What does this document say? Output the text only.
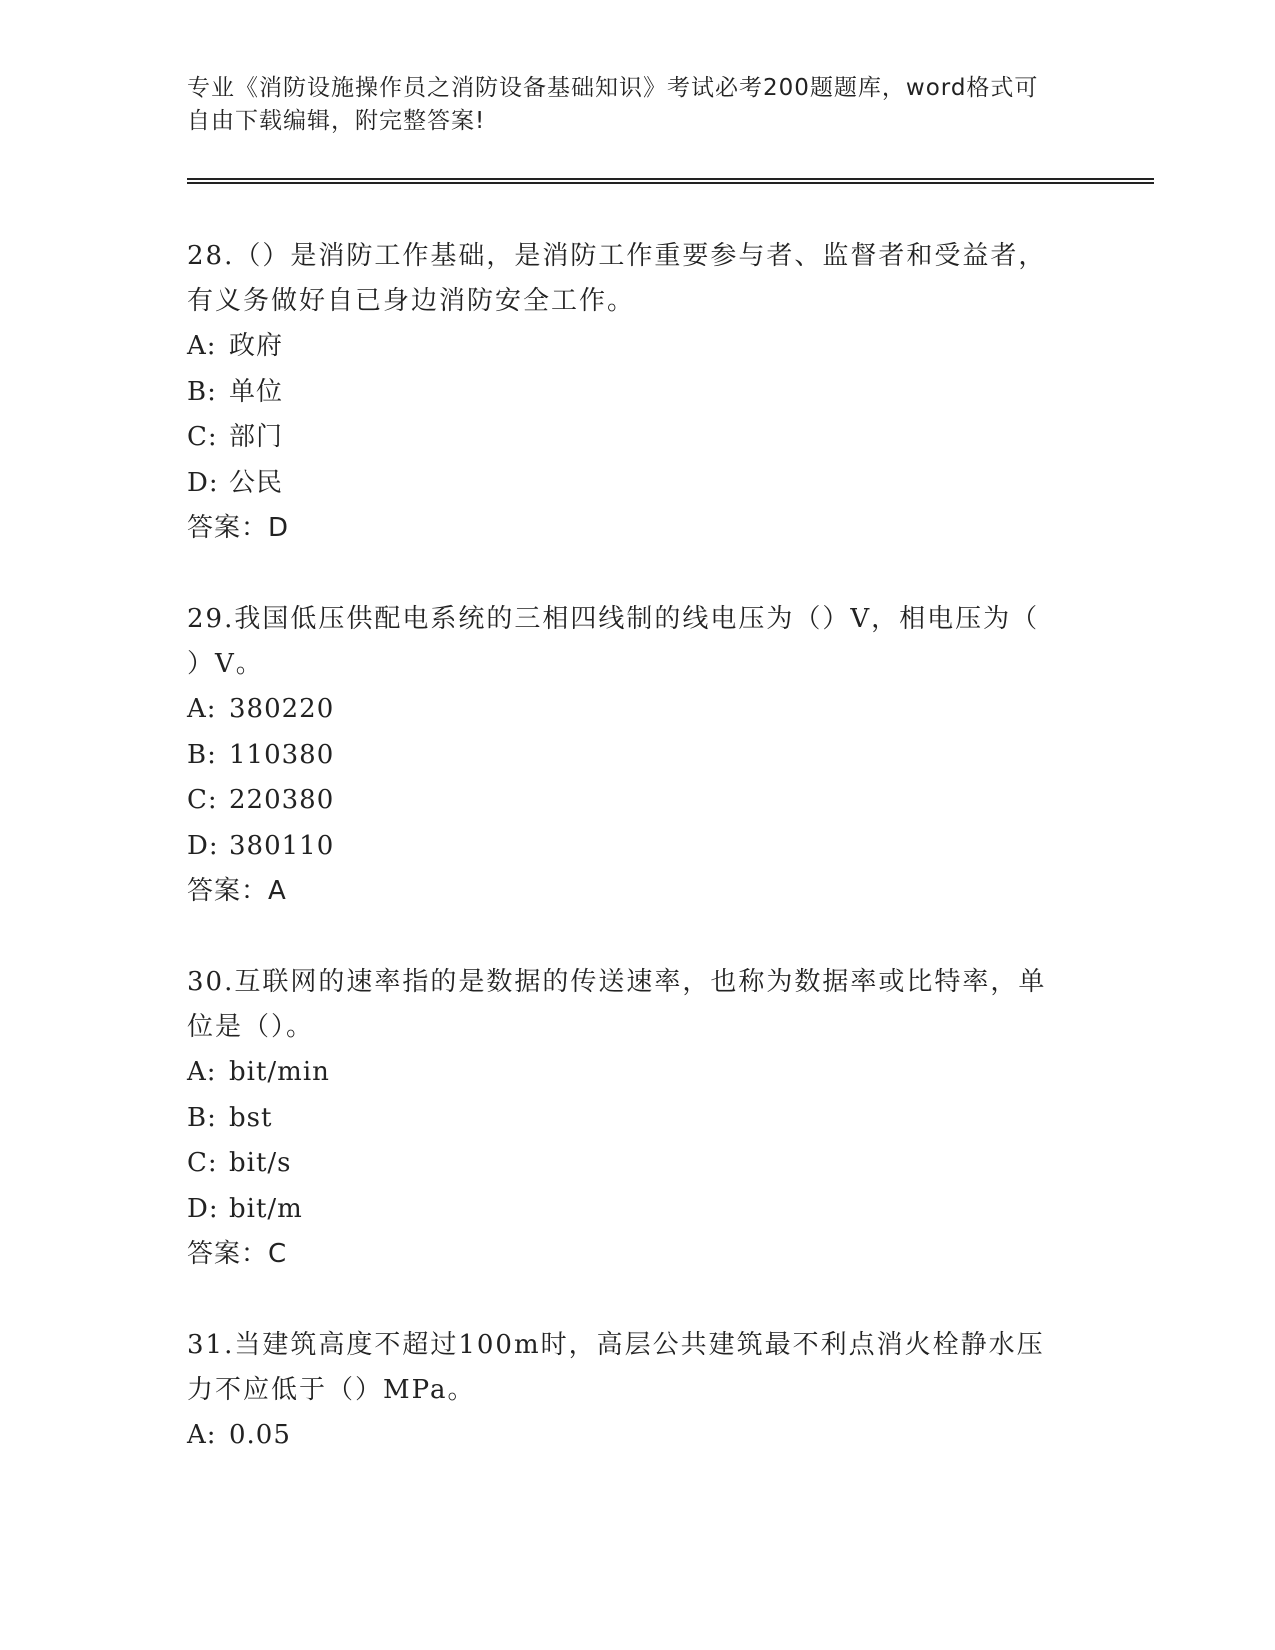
专业《消防设施操作员之消防设备基础知识》考试必考200题题库，word格式可
自由下载编辑，附完整答案!

28.（）是消防工作基础，是消防工作重要参与者、监督者和受益者，
有义务做好自已身边消防安全工作。

A: 政府
B: 单位
C: 部门
D: 公民
答案：D

29.我国低压供配电系统的三相四线制的线电压为（）V，相电压为（
）V。

A: 380220
B: 110380
C: 220380
D: 380110
答案：A

30.互联网的速率指的是数据的传送速率，也称为数据率或比特率，单
位是（）。

A: bit/min
B: bst
C: bit/s
D: bit/m
答案：C

31.当建筑高度不超过100m时，高层公共建筑最不利点消火栓静水压
力不应低于（）MPa。

A: 0.05
